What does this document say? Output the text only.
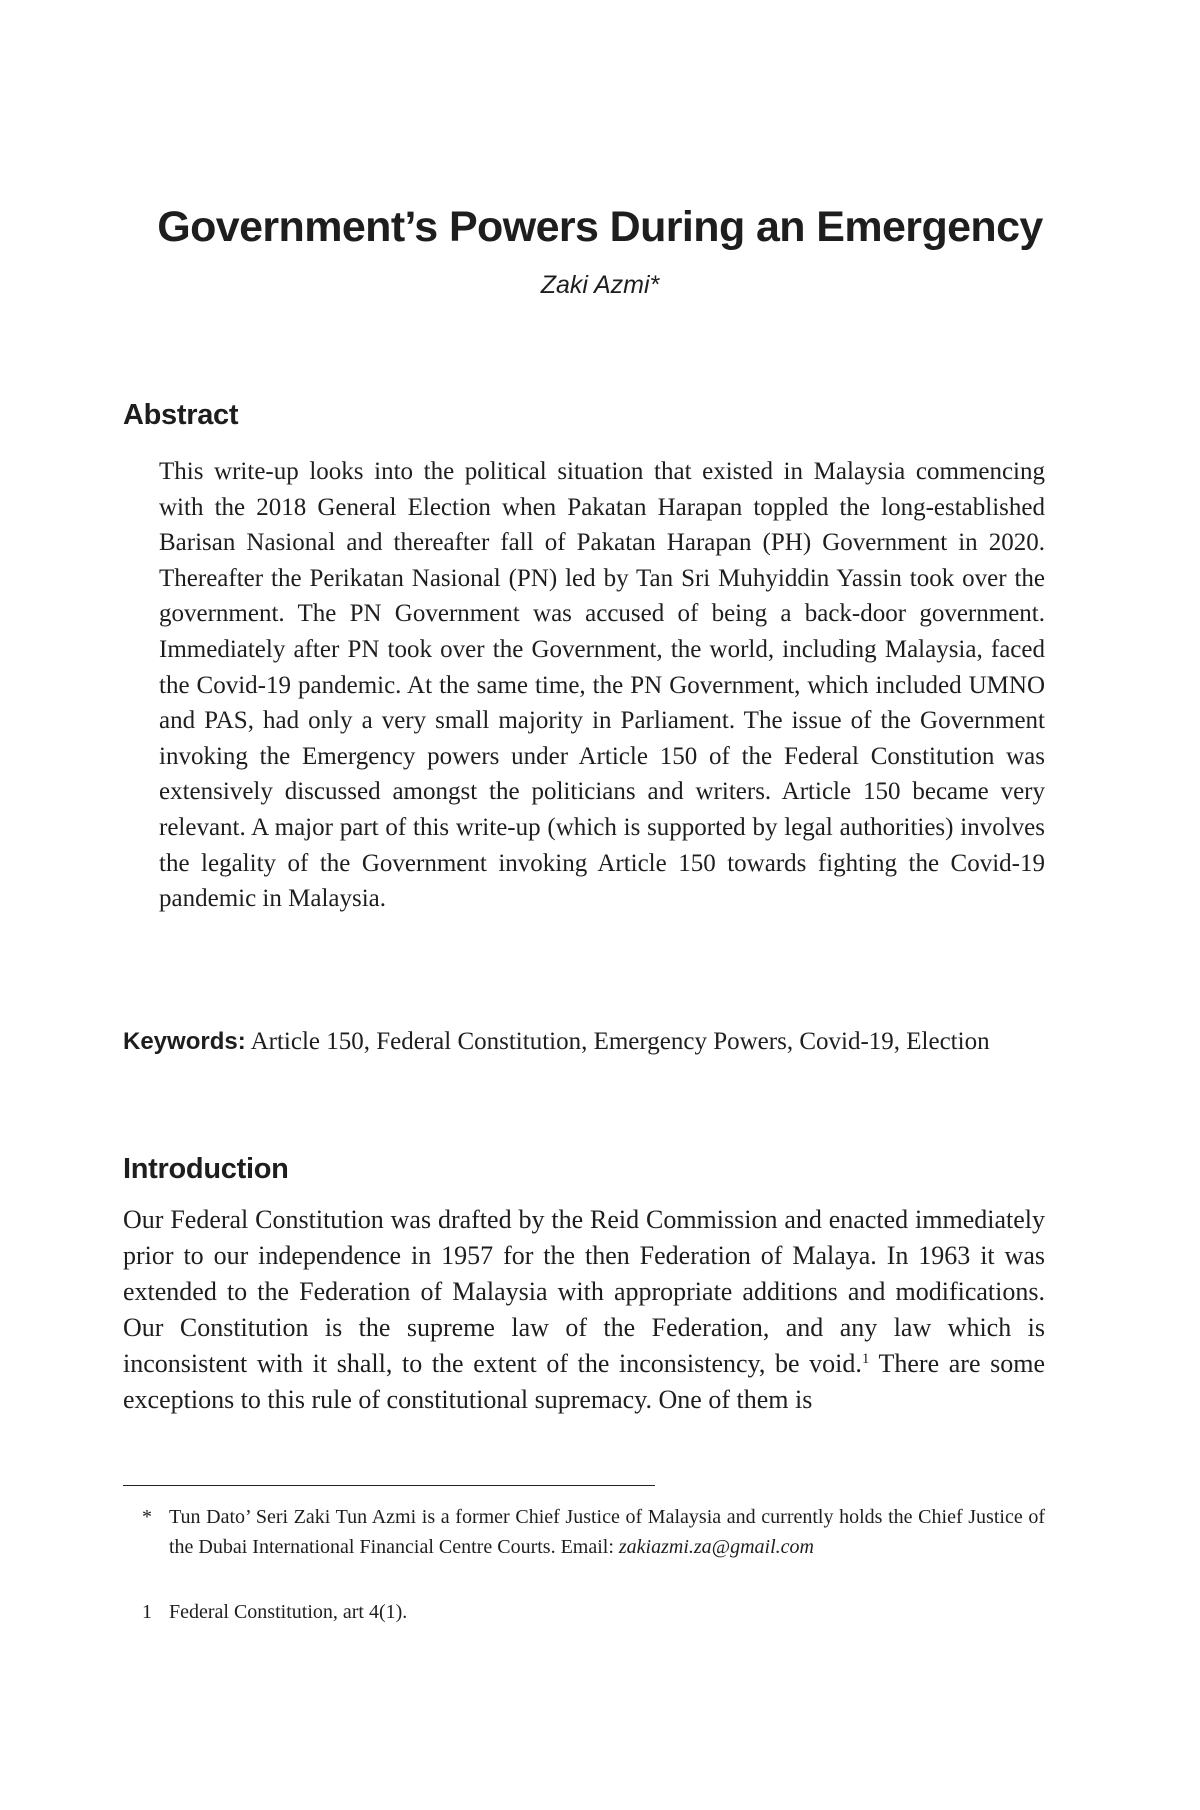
Government’s Powers During an Emergency
Zaki Azmi*
Abstract

This write-up looks into the political situation that existed in Malaysia commencing with the 2018 General Election when Pakatan Harapan toppled the long-established Barisan Nasional and thereafter fall of Pakatan Harapan (PH) Government in 2020. Thereafter the Perikatan Nasional (PN) led by Tan Sri Muhyiddin Yassin took over the government. The PN Government was accused of being a back-door government. Immediately after PN took over the Government, the world, including Malaysia, faced the Covid-19 pandemic. At the same time, the PN Government, which included UMNO and PAS, had only a very small majority in Parliament. The issue of the Government invoking the Emergency powers under Article 150 of the Federal Constitution was extensively discussed amongst the politicians and writers. Article 150 became very relevant. A major part of this write-up (which is supported by legal authorities) involves the legality of the Government invoking Article 150 towards fighting the Covid-19 pandemic in Malaysia.

Keywords: Article 150, Federal Constitution, Emergency Powers, Covid-19, Election

Introduction

Our Federal Constitution was drafted by the Reid Commission and enacted immediately prior to our independence in 1957 for the then Federation of Malaya. In 1963 it was extended to the Federation of Malaysia with appropriate additions and modifications. Our Constitution is the supreme law of the Federation, and any law which is inconsistent with it shall, to the extent of the inconsistency, be void.$^1$ There are some exceptions to this rule of constitutional supremacy. One of them is

* Tun Dato’ Seri Zaki Tun Azmi is a former Chief Justice of Malaysia and currently holds the Chief Justice of the Dubai International Financial Centre Courts. Email: zakiazmi.za@gmail.com
1 Federal Constitution, art 4(1).
